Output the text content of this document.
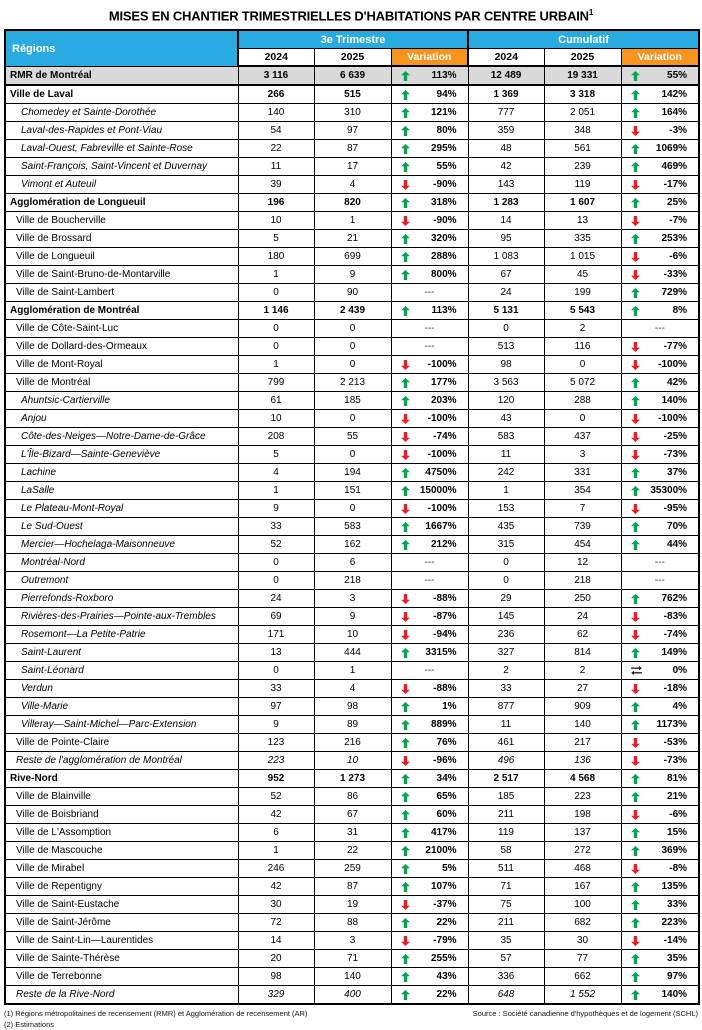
MISES EN CHANTIER TRIMESTRIELLES D'HABITATIONS PAR CENTRE URBAIN$^1$
Régions	3e Trimestre			Cumulatif		
	2024	2025	Variation	2024	2025	Variation
RMR de Montréal	3 116	6 639	113%	12 489	19 331	55%
Ville de Laval	266	515	94%	1 369	3 318	142%
Chomedey et Sainte-Dorothée	140	310	121%	777	2 051	164%
Laval-des-Rapides et Pont-Viau	54	97	80%	359	348	-3%
Laval-Ouest, Fabreville et Sainte-Rose	22	87	295%	48	561	1069%
Saint-François, Saint-Vincent et Duvernay	11	17	55%	42	239	469%
Vimont et Auteuil	39	4	-90%	143	119	-17%
Agglomération de Longueuil	196	820	318%	1 283	1 607	25%
Ville de Boucherville	10	1	-90%	14	13	-7%
Ville de Brossard	5	21	320%	95	335	253%
Ville de Longueuil	180	699	288%	1 083	1 015	-6%
Ville de Saint-Bruno-de-Montarville	1	9	800%	67	45	-33%
Ville de Saint-Lambert	0	90	---	24	199	729%
Agglomération de Montréal	1 146	2 439	113%	5 131	5 543	8%
Ville de Côte-Saint-Luc	0	0	---	0	2	---
Ville de Dollard-des-Ormeaux	0	0	---	513	116	-77%
Ville de Mont-Royal	1	0	-100%	98	0	-100%
Ville de Montréal	799	2 213	177%	3 563	5 072	42%
Ahuntsic-Cartierville	61	185	203%	120	288	140%
Anjou	10	0	-100%	43	0	-100%
Côte-des-Neiges—Notre-Dame-de-Grâce	208	55	-74%	583	437	-25%
L'Île-Bizard—Sainte-Geneviève	5	0	-100%	11	3	-73%
Lachine	4	194	4750%	242	331	37%
LaSalle	1	151	15000%	1	354	35300%
Le Plateau-Mont-Royal	9	0	-100%	153	7	-95%
Le Sud-Ouest	33	583	1667%	435	739	70%
Mercier—Hochelaga-Maisonneuve	52	162	212%	315	454	44%
Montréal-Nord	0	6	---	0	12	---
Outremont	0	218	---	0	218	---
Pierrefonds-Roxboro	24	3	-88%	29	250	762%
Rivières-des-Prairies—Pointe-aux-Trembles	69	9	-87%	145	24	-83%
Rosemont—La Petite-Patrie	171	10	-94%	236	62	-74%
Saint-Laurent	13	444	3315%	327	814	149%
Saint-Léonard	0	1	---	2	2	0%
Verdun	33	4	-88%	33	27	-18%
Ville-Marie	97	98	1%	877	909	4%
Villeray—Saint-Michel—Parc-Extension	9	89	889%	11	140	1173%
Ville de Pointe-Claire	123	216	76%	461	217	-53%
Reste de l'agglomération de Montréal	223	10	-96%	496	136	-73%
Rive-Nord	952	1 273	34%	2 517	4 568	81%
Ville de Blainville	52	86	65%	185	223	21%
Ville de Boisbriand	42	67	60%	211	198	-6%
Ville de L'Assomption	6	31	417%	119	137	15%
Ville de Mascouche	1	22	2100%	58	272	369%
Ville de Mirabel	246	259	5%	511	468	-8%
Ville de Repentigny	42	87	107%	71	167	135%
Ville de Saint-Eustache	30	19	-37%	75	100	33%
Ville de Saint-Jérôme	72	88	22%	211	682	223%
Ville de Saint-Lin—Laurentides	14	3	-79%	35	30	-14%
Ville de Sainte-Thérèse	20	71	255%	57	77	35%
Ville de Terrebonne	98	140	43%	336	662	97%
Reste de la Rive-Nord	329	400	22%	648	1 552	140%
(1) Régions métropolitaines de recensement (RMR) et Agglomération de recensement (AR)
(2) Estimations
Source : Société canadienne d'hypothèques et de logement (SCHL)
